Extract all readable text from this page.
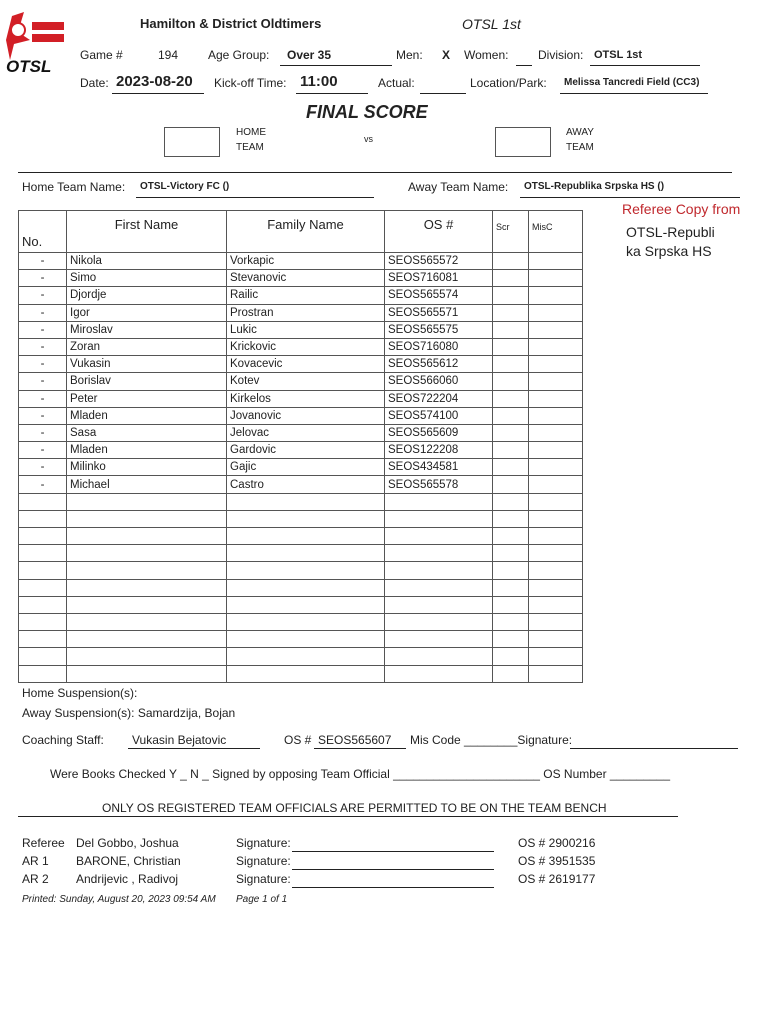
OTSL
Hamilton & District Oldtimers	OTSL 1st
Game #	194 Age Group: Over 35	Men: X Women: Division: OTSL 1st
Date: 2023-08-20 Kick-off Time: 11:00	Actual:	Location/Park: Melissa Tancredi Field (CC3)
FINAL SCORE
HOME
TEAM
vs
AWAY
TEAM
Home Team Name: OTSL-Victory FC ()	Away Team Name: OTSL-Republika Srpska HS ()
Referee Copy from
OTSL-Republi
ka Srpska HS
No.	First Name	Family Name	OS #	Scr	MisC
-	Nikola	Vorkapic	SEOS565572		
-	Simo	Stevanovic	SEOS716081		
-	Djordje	Railic	SEOS565574		
-	Igor	Prostran	SEOS565571		
-	Miroslav	Lukic	SEOS565575		
-	Zoran	Krickovic	SEOS716080		
-	Vukasin	Kovacevic	SEOS565612		
-	Borislav	Kotev	SEOS566060		
-	Peter	Kirkelos	SEOS722204		
-	Mladen	Jovanovic	SEOS574100		
-	Sasa	Jelovac	SEOS565609		
-	Mladen	Gardovic	SEOS122208		
-	Milinko	Gajic	SEOS434581		
-	Michael	Castro	SEOS565578		

Home Suspension(s):
Away Suspension(s): Samardzija, Bojan
Coaching Staff: Vukasin Bejatovic	OS # SEOS565607 Mis Code ________Signature:
Were Books Checked Y _ N _ Signed by opposing Team Official ______________________ OS Number _________
ONLY OS REGISTERED TEAM OFFICIALS ARE PERMITTED TO BE ON THE TEAM BENCH
Referee Del Gobbo, Joshua	Signature:	OS # 2900216
AR 1 BARONE, Christian	Signature:	OS # 3951535
AR 2 Andrijevic , Radivoj	Signature:	OS # 2619177
Printed: Sunday, August 20, 2023 09:54 AM Page 1 of 1
